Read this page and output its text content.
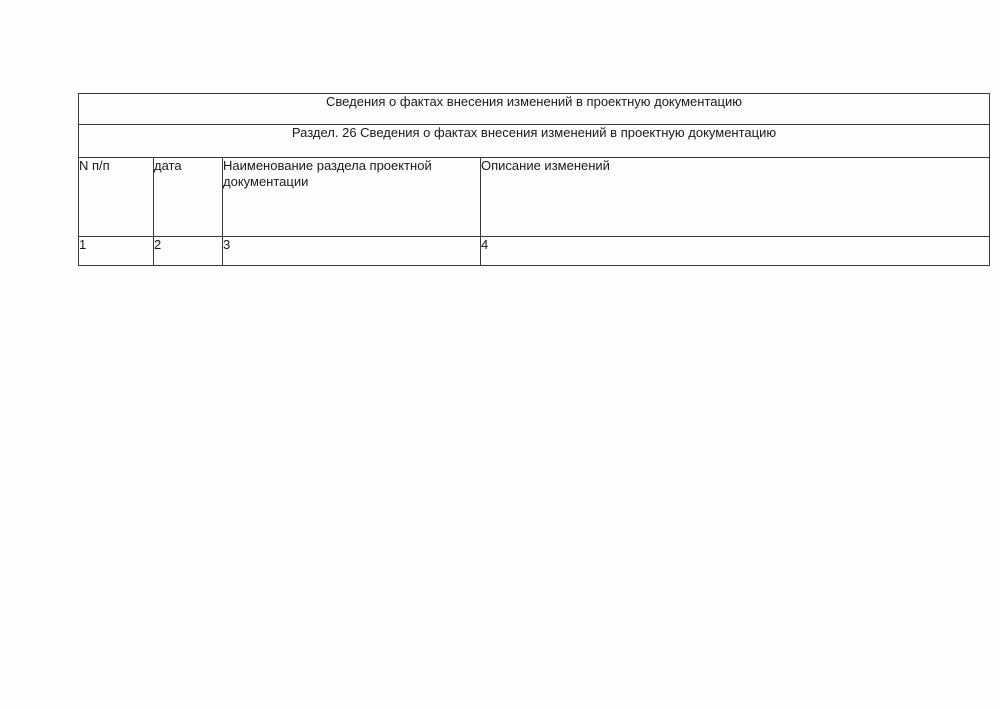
Сведения о фактах внесения изменений в проектную документацию			
Раздел. 26 Сведения о фактах внесения изменений в проектную документацию			
N п/п	дата	Наименование раздела проектной документации	Описание изменений
1	2	3	4
